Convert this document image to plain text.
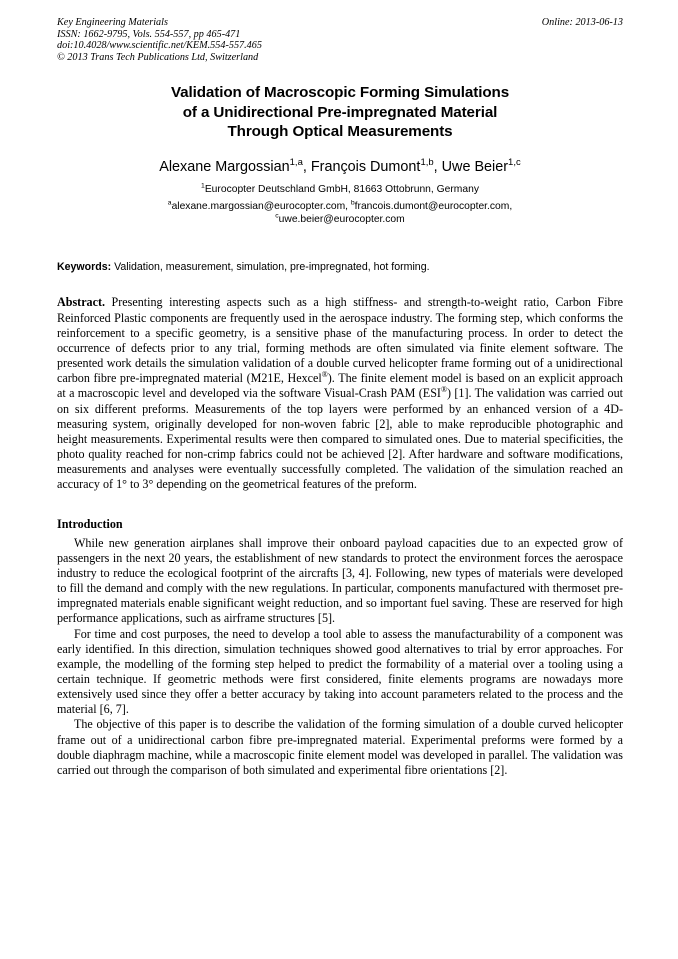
Key Engineering Materials
ISSN: 1662-9795, Vols. 554-557, pp 465-471
doi:10.4028/www.scientific.net/KEM.554-557.465
© 2013 Trans Tech Publications Ltd, Switzerland
Online: 2013-06-13
Validation of Macroscopic Forming Simulations
of a Unidirectional Pre-impregnated Material
Through Optical Measurements
Alexane Margossian$^{1,a}$, François Dumont$^{1,b}$, Uwe Beier$^{1,c}$
$^1$Eurocopter Deutschland GmbH, 81663 Ottobrunn, Germany
$^a$alexane.margossian@eurocopter.com, $^b$francois.dumont@eurocopter.com,
$^c$uwe.beier@eurocopter.com

Keywords: Validation, measurement, simulation, pre-impregnated, hot forming.

Abstract. Presenting interesting aspects such as a high stiffness- and strength-to-weight ratio, Carbon Fibre Reinforced Plastic components are frequently used in the aerospace industry. The forming step, which conforms the reinforcement to a specific geometry, is a sensitive phase of the manufacturing process. In order to detect the occurrence of defects prior to any trial, forming methods are often simulated via finite element software. The presented work details the simulation validation of a double curved helicopter frame forming out of a unidirectional carbon fibre pre-impregnated material (M21E, Hexcel®). The finite element model is based on an explicit approach at a macroscopic level and developed via the software Visual-Crash PAM (ESI®) [1]. The validation was carried out on six different preforms. Measurements of the top layers were performed by an enhanced version of a 4D-measuring system, originally developed for non-woven fabric [2], able to make reproducible photographic and height measurements. Experimental results were then compared to simulated ones. Due to material specificities, the photo quality reached for non-crimp fabrics could not be achieved [2]. After hardware and software modifications, measurements and analyses were eventually successfully completed. The validation of the simulation reached an accuracy of 1° to 3° depending on the geometrical features of the preform.

Introduction

While new generation airplanes shall improve their onboard payload capacities due to an expected grow of passengers in the next 20 years, the establishment of new standards to protect the environment forces the aerospace industry to reduce the ecological footprint of the aircrafts [3, 4]. Following, new types of materials were developed to fill the demand and comply with the new regulations. In particular, components manufactured with thermoset pre-impregnated materials enable significant weight reduction, and so important fuel saving. These are reserved for high performance applications, such as airframe structures [5].

For time and cost purposes, the need to develop a tool able to assess the manufacturability of a component was early identified. In this direction, simulation techniques showed good alternatives to trial by error approaches. For example, the modelling of the forming step helped to predict the formability of a material over a tooling using a certain technique. If geometric methods were first considered, finite elements programs are nowadays more extensively used since they offer a better accuracy by taking into account parameters related to the process and the material [6, 7].

The objective of this paper is to describe the validation of the forming simulation of a double curved helicopter frame out of a unidirectional carbon fibre pre-impregnated material. Experimental preforms were formed by a double diaphragm machine, while a macroscopic finite element model was developed in parallel. The validation was carried out through the comparison of both simulated and experimental fibre orientations [2].
